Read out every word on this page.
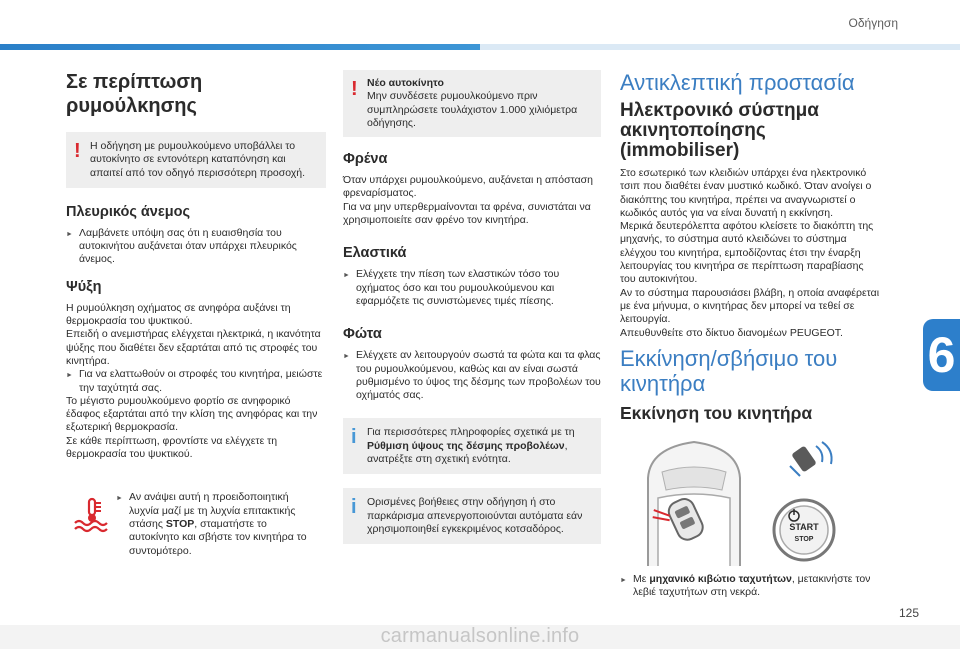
Οδήγηση
6
125
Σε περίπτωση ρυμούλκησης
! Η οδήγηση με ρυμουλκούμενο υποβάλλει το αυτοκίνητο σε εντονότερη καταπόνηση και απαιτεί από τον οδηγό περισσότερη προσοχή.

Πλευρικός άνεμος

► Λαμβάνετε υπόψη σας ότι η ευαισθησία του αυτοκινήτου αυξάνεται όταν υπάρχει πλευρικός άνεμος.

Ψύξη

Η ρυμούλκηση οχήματος σε ανηφόρα αυξάνει τη θερμοκρασία του ψυκτικού.
Επειδή ο ανεμιστήρας ελέγχεται ηλεκτρικά, η ικανότητα ψύξης που διαθέτει δεν εξαρτάται από τις στροφές του κινητήρα.

► Για να ελαττωθούν οι στροφές του κινητήρα, μειώστε την ταχύτητά σας.

Το μέγιστο ρυμουλκούμενο φορτίο σε ανηφορικό έδαφος εξαρτάται από την κλίση της ανηφόρας και την εξωτερική θερμοκρασία.
Σε κάθε περίπτωση, φροντίστε να ελέγχετε τη θερμοκρασία του ψυκτικού.

► Αν ανάψει αυτή η προειδοποιητική λυχνία μαζί με τη λυχνία επιτακτικής στάσης STOP, σταματήστε το αυτοκίνητο και σβήστε τον κινητήρα το συντομότερο.

! Νέο αυτοκίνητο

Μην συνδέσετε ρυμουλκούμενο πριν συμπληρώσετε τουλάχιστον 1.000 χιλιόμετρα οδήγησης.

Φρένα

Όταν υπάρχει ρυμουλκούμενο, αυξάνεται η απόσταση φρεναρίσματος.
Για να μην υπερθερμαίνονται τα φρένα, συνιστάται να χρησιμοποιείτε σαν φρένο τον κινητήρα.

Ελαστικά

► Ελέγχετε την πίεση των ελαστικών τόσο του οχήματος όσο και του ρυμουλκούμενου και εφαρμόζετε τις συνιστώμενες τιμές πίεσης.

Φώτα

► Ελέγχετε αν λειτουργούν σωστά τα φώτα και τα φλας του ρυμουλκούμενου, καθώς και αν είναι σωστά ρυθμισμένο το ύψος της δέσμης των προβολέων του οχήματός σας.

i Για περισσότερες πληροφορίες σχετικά με τη Ρύθμιση ύψους της δέσμης προβολέων, ανατρέξτε στη σχετική ενότητα.

i Ορισμένες βοήθειες στην οδήγηση ή στο παρκάρισμα απενεργοποιούνται αυτόματα εάν χρησιμοποιηθεί εγκεκριμένος κοτσαδόρος.

Αντικλεπτική προστασία
Ηλεκτρονικό σύστημα ακινητοποίησης (immobiliser)

Στο εσωτερικό των κλειδιών υπάρχει ένα ηλεκτρονικό τσιπ που διαθέτει έναν μυστικό κωδικό. Όταν ανοίγει ο διακόπτης του κινητήρα, πρέπει να αναγνωριστεί ο κωδικός αυτός για να είναι δυνατή η εκκίνηση.
Μερικά δευτερόλεπτα αφότου κλείσετε το διακόπτη της μηχανής, το σύστημα αυτό κλειδώνει το σύστημα ελέγχου του κινητήρα, εμποδίζοντας έτσι την έναρξη λειτουργίας του κινητήρα σε περίπτωση παραβίασης του αυτοκινήτου.
Αν το σύστημα παρουσιάσει βλάβη, η οποία αναφέρεται με ένα μήνυμα, ο κινητήρας δεν μπορεί να τεθεί σε λειτουργία.
Απευθυνθείτε στο δίκτυο διανομέων PEUGEOT.

Εκκίνηση/σβήσιμο του κινητήρα
Εκκίνηση του κινητήρα
START
STOP

► Με μηχανικό κιβώτιο ταχυτήτων, μετακινήστε τον λεβιέ ταχυτήτων στη νεκρά.

carmanualsonline.info
